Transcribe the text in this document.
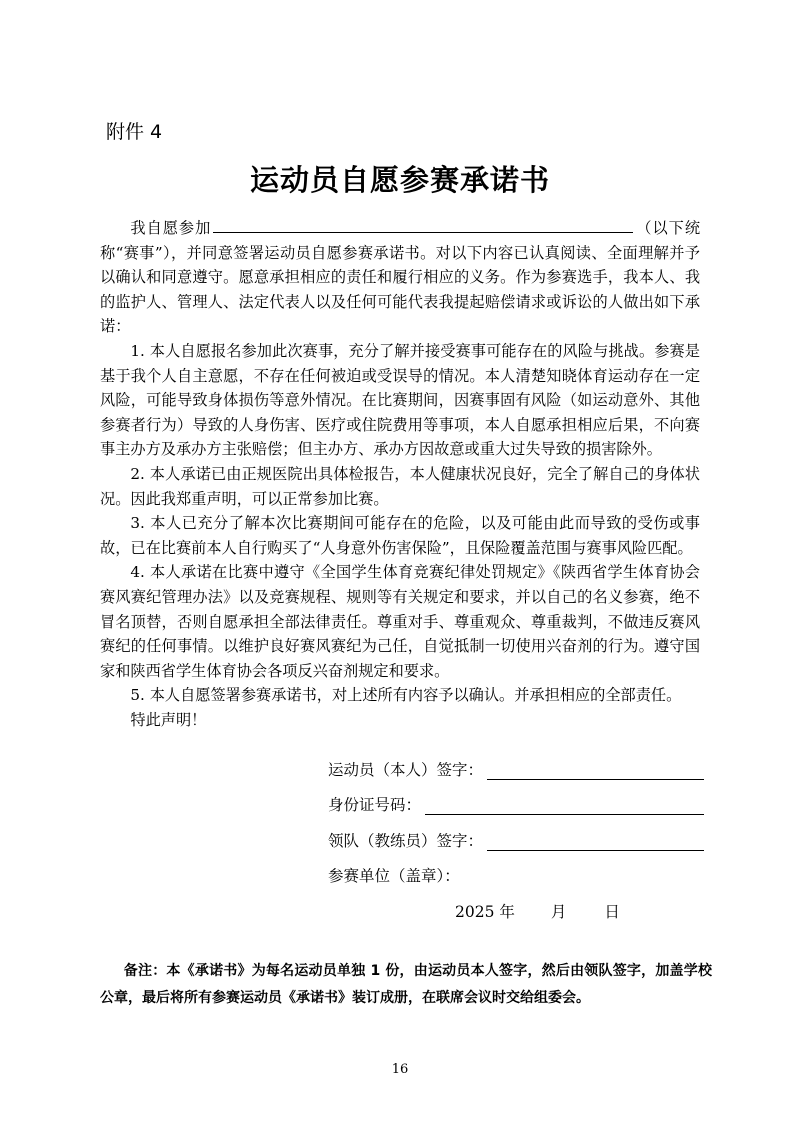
附件 4
运动员自愿参赛承诺书

我自愿参加	（以下统称“赛事”），并同意签署运动员自愿参赛承诺书。对以下内容已认真阅读、全面理解并予以确认和同意遵守。愿意承担相应的责任和履行相应的义务。作为参赛选手，我本人、我的监护人、管理人、法定代表人以及任何可能代表我提起赔偿请求或诉讼的人做出如下承诺：

1. 本人自愿报名参加此次赛事，充分了解并接受赛事可能存在的风险与挑战。参赛是基于我个人自主意愿，不存在任何被迫或受误导的情况。本人清楚知晓体育运动存在一定风险，可能导致身体损伤等意外情况。在比赛期间，因赛事固有风险（如运动意外、其他参赛者行为）导致的人身伤害、医疗或住院费用等事项，本人自愿承担相应后果，不向赛事主办方及承办方主张赔偿；但主办方、承办方因故意或重大过失导致的损害除外。

2. 本人承诺已由正规医院出具体检报告，本人健康状况良好，完全了解自己的身体状况。因此我郑重声明，可以正常参加比赛。

3. 本人已充分了解本次比赛期间可能存在的危险，以及可能由此而导致的受伤或事故，已在比赛前本人自行购买了“人身意外伤害保险”，且保险覆盖范围与赛事风险匹配。

4. 本人承诺在比赛中遵守《全国学生体育竞赛纪律处罚规定》《陕西省学生体育协会赛风赛纪管理办法》以及竞赛规程、规则等有关规定和要求，并以自己的名义参赛，绝不冒名顶替，否则自愿承担全部法律责任。尊重对手、尊重观众、尊重裁判，不做违反赛风赛纪的任何事情。以维护良好赛风赛纪为己任，自觉抵制一切使用兴奋剂的行为。遵守国家和陕西省学生体育协会各项反兴奋剂规定和要求。

5. 本人自愿签署参赛承诺书，对上述所有内容予以确认。并承担相应的全部责任。

特此声明！

运动员（本人）签字：
身份证号码：
领队（教练员）签字：
参赛单位（盖章）：
2025 年 月 日
备注：本《承诺书》为每名运动员单独 1 份，由运动员本人签字，然后由领队签字，加盖学校公章，最后将所有参赛运动员《承诺书》装订成册，在联席会议时交给组委会。
16
